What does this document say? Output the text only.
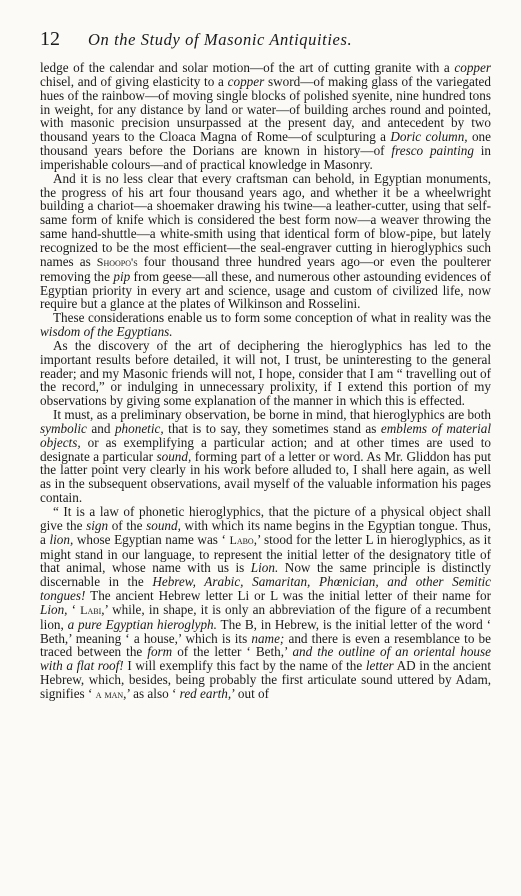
12	On the Study of Masonic Antiquities.

ledge of the calendar and solar motion—of the art of cutting granite with a copper chisel, and of giving elasticity to a copper sword—of making glass of the variegated hues of the rainbow—of moving single blocks of polished syenite, nine hundred tons in weight, for any distance by land or water—of building arches round and pointed, with masonic precision unsurpassed at the present day, and antecedent by two thousand years to the Cloaca Magna of Rome—of sculpturing a Doric column, one thousand years before the Dorians are known in history—of fresco painting in imperishable colours—and of practical knowledge in Masonry.

And it is no less clear that every craftsman can behold, in Egyptian monuments, the progress of his art four thousand years ago, and whether it be a wheelwright building a chariot—a shoemaker drawing his twine—a leather-cutter, using that self-same form of knife which is considered the best form now—a weaver throwing the same hand-shuttle—a white-smith using that identical form of blow-pipe, but lately recognized to be the most efficient—the seal-engraver cutting in hieroglyphics such names as Shoopo's four thousand three hundred years ago—or even the poulterer removing the pip from geese—all these, and numerous other astounding evidences of Egyptian priority in every art and science, usage and custom of civilized life, now require but a glance at the plates of Wilkinson and Rosselini.

These considerations enable us to form some conception of what in reality was the wisdom of the Egyptians.

As the discovery of the art of deciphering the hieroglyphics has led to the important results before detailed, it will not, I trust, be uninteresting to the general reader; and my Masonic friends will not, I hope, consider that I am “ travelling out of the record,” or indulging in unnecessary prolixity, if I extend this portion of my observations by giving some explanation of the manner in which this is effected.

It must, as a preliminary observation, be borne in mind, that hieroglyphics are both symbolic and phonetic, that is to say, they sometimes stand as emblems of material objects, or as exemplifying a particular action; and at other times are used to designate a particular sound, forming part of a letter or word. As Mr. Gliddon has put the latter point very clearly in his work before alluded to, I shall here again, as well as in the subsequent observations, avail myself of the valuable information his pages contain.

“ It is a law of phonetic hieroglyphics, that the picture of a physical object shall give the sign of the sound, with which its name begins in the Egyptian tongue. Thus, a lion, whose Egyptian name was ‘ Labo,’ stood for the letter L in hieroglyphics, as it might stand in our language, to represent the initial letter of the designatory title of that animal, whose name with us is Lion. Now the same principle is distinctly discernable in the Hebrew, Arabic, Samaritan, Phœnician, and other Semitic tongues! The ancient Hebrew letter Li or L was the initial letter of their name for Lion, ‘ Labi,’ while, in shape, it is only an abbreviation of the figure of a recumbent lion, a pure Egyptian hieroglyph. The B, in Hebrew, is the initial letter of the word ‘ Beth,’ meaning ‘ a house,’ which is its name; and there is even a resemblance to be traced between the form of the letter ‘ Beth,’ and the outline of an oriental house with a flat roof! I will exemplify this fact by the name of the letter AD in the ancient Hebrew, which, besides, being probably the first articulate sound uttered by Adam, signifies ‘ a man,’ as also ‘ red earth,’ out of
